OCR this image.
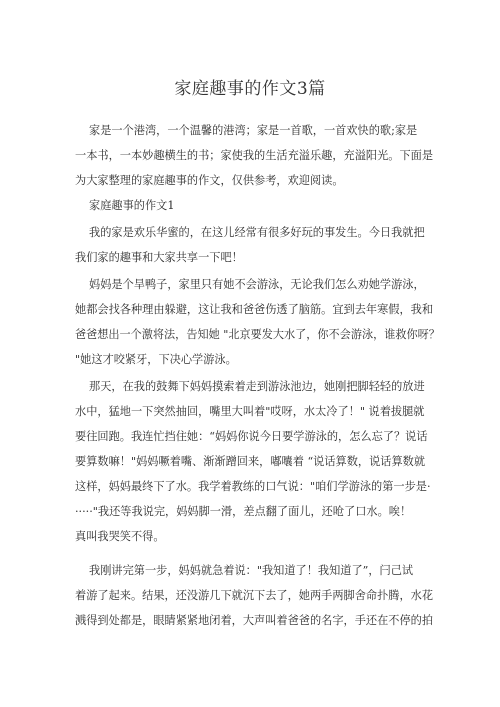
家庭趣事的作文3篇
家是一个港湾，一个温馨的港湾；家是一首歌，一首欢快的歌;家是
一本书，一本妙趣横生的书；家使我的生活充溢乐趣，充溢阳光。下面是
为大家整理的家庭趣事的作文，仅供参考，欢迎阅读。
家庭趣事的作文1
我的家是欢乐华蜜的，在这儿经常有很多好玩的事发生。今日我就把
我们家的趣事和大家共享一下吧！
妈妈是个旱鸭子，家里只有她不会游泳，无论我们怎么劝她学游泳，
她都会找各种理由躲避，这让我和爸爸伤透了脑筋。宜到去年寒假，我和
爸爸想出一个激将法，告知她 "北京要发大水了，你不会游泳，谁救你呀？
"她这才咬紧牙，下决心学游泳。
那天，在我的鼓舞下妈妈摸索着走到游泳池边，她刚把脚轻轻的放进
水中，猛地一下突然抽回，嘴里大叫着"哎呀，水太冷了！" 说着拔腿就
要往回跑。我连忙挡住她：“妈妈你说今日要学游泳的，怎么忘了？说话
要算数嘛！"妈妈噘着嘴、渐渐蹭回来，嘟囔着 “说话算数，说话算数就
这样，妈妈最终下了水。我学着教练的口气说："咱们学游泳的第一步是·
·····"我还等我说完，妈妈脚一滑，差点翻了面儿，还呛了口水。唉！
真叫我哭笑不得。
我刚讲完第一步，妈妈就急着说："我知道了！我知道了”，闩己试
着游了起来。结果，还没游几下就沉下去了，她两手两脚舍命扑腾，水花
溅得到处都是，眼睛紧紧地闭着，大声叫着爸爸的名字，手还在不停的拍
